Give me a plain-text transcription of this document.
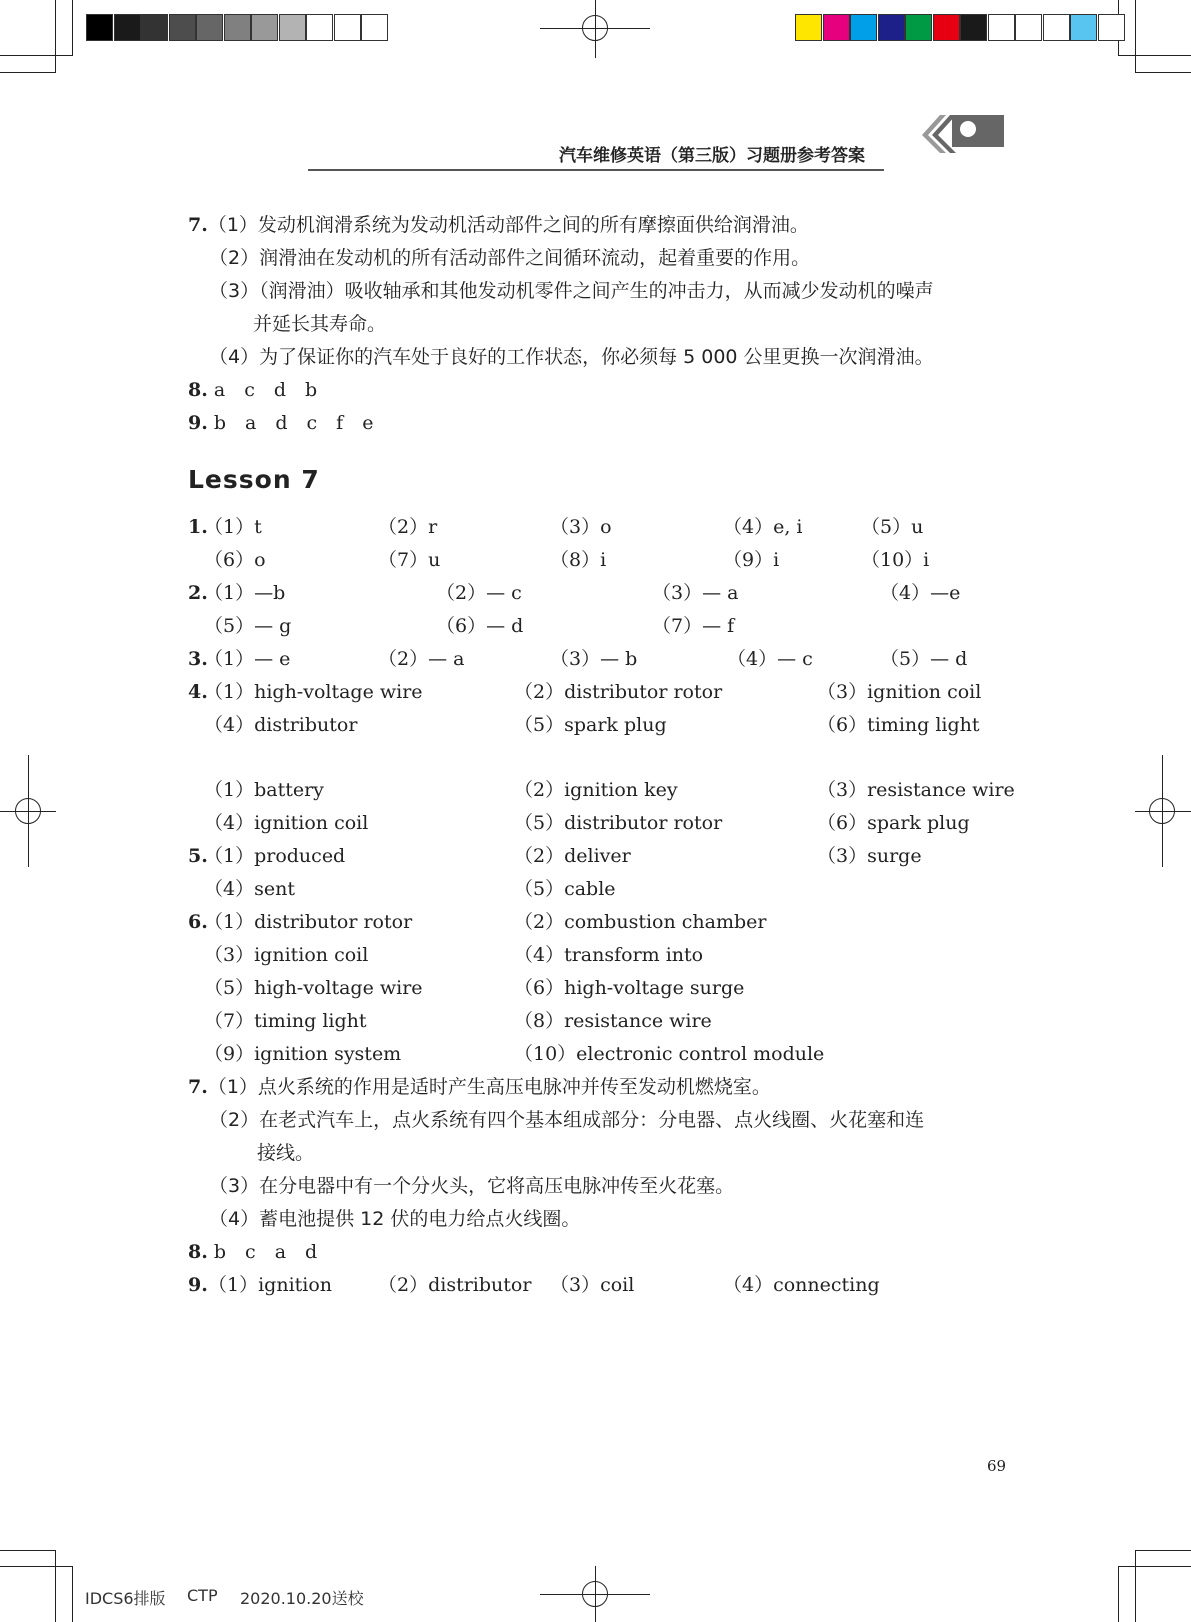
汽车维修英语（第三版）习题册参考答案
7.（1）发动机润滑系统为发动机活动部件之间的所有摩擦面供给润滑油。
（2）润滑油在发动机的所有活动部件之间循环流动，起着重要的作用。
（3）（润滑油）吸收轴承和其他发动机零件之间产生的冲击力，从而减少发动机的噪声
并延长其寿命。
（4）为了保证你的汽车处于良好的工作状态，你必须每 5 000 公里更换一次润滑油。
8. a　c　d　b
9. b　a　d　c　f　e
Lesson 7
1.
（1）t	（2）r	（3）o	（4）e, i	（5）u
（6）o	（7）u	（8）i	（9）i	（10）i
2.
（1）—b	（2）— c	（3）— a	（4）—e
（5）— g	（6）— d	（7）— f
3.
（1）— e	（2）— a	（3）— b	（4）— c	（5）— d
4.
（1）high-voltage wire	（2）distributor rotor	（3）ignition coil
（4）distributor	（5）spark plug	（6）timing light
（1）battery	（2）ignition key	（3）resistance wire
（4）ignition coil	（5）distributor rotor	（6）spark plug
5.
（1）produced	（2）deliver	（3）surge
（4）sent	（5）cable
6.
（1）distributor rotor	（2）combustion chamber
（3）ignition coil	（4）transform into
（5）high-voltage wire	（6）high-voltage surge
（7）timing light	（8）resistance wire
（9）ignition system	（10）electronic control module
7.（1）点火系统的作用是适时产生高压电脉冲并传至发动机燃烧室。
（2）在老式汽车上，点火系统有四个基本组成部分：分电器、点火线圈、火花塞和连
接线。
（3）在分电器中有一个分火头，它将高压电脉冲传至火花塞。
（4）蓄电池提供 12 伏的电力给点火线圈。
8. b　c　a　d
9. （1）ignition （2）distributor （3）coil	（4）connecting
69
IDCS6排版 CTP 2020.10.20送校
